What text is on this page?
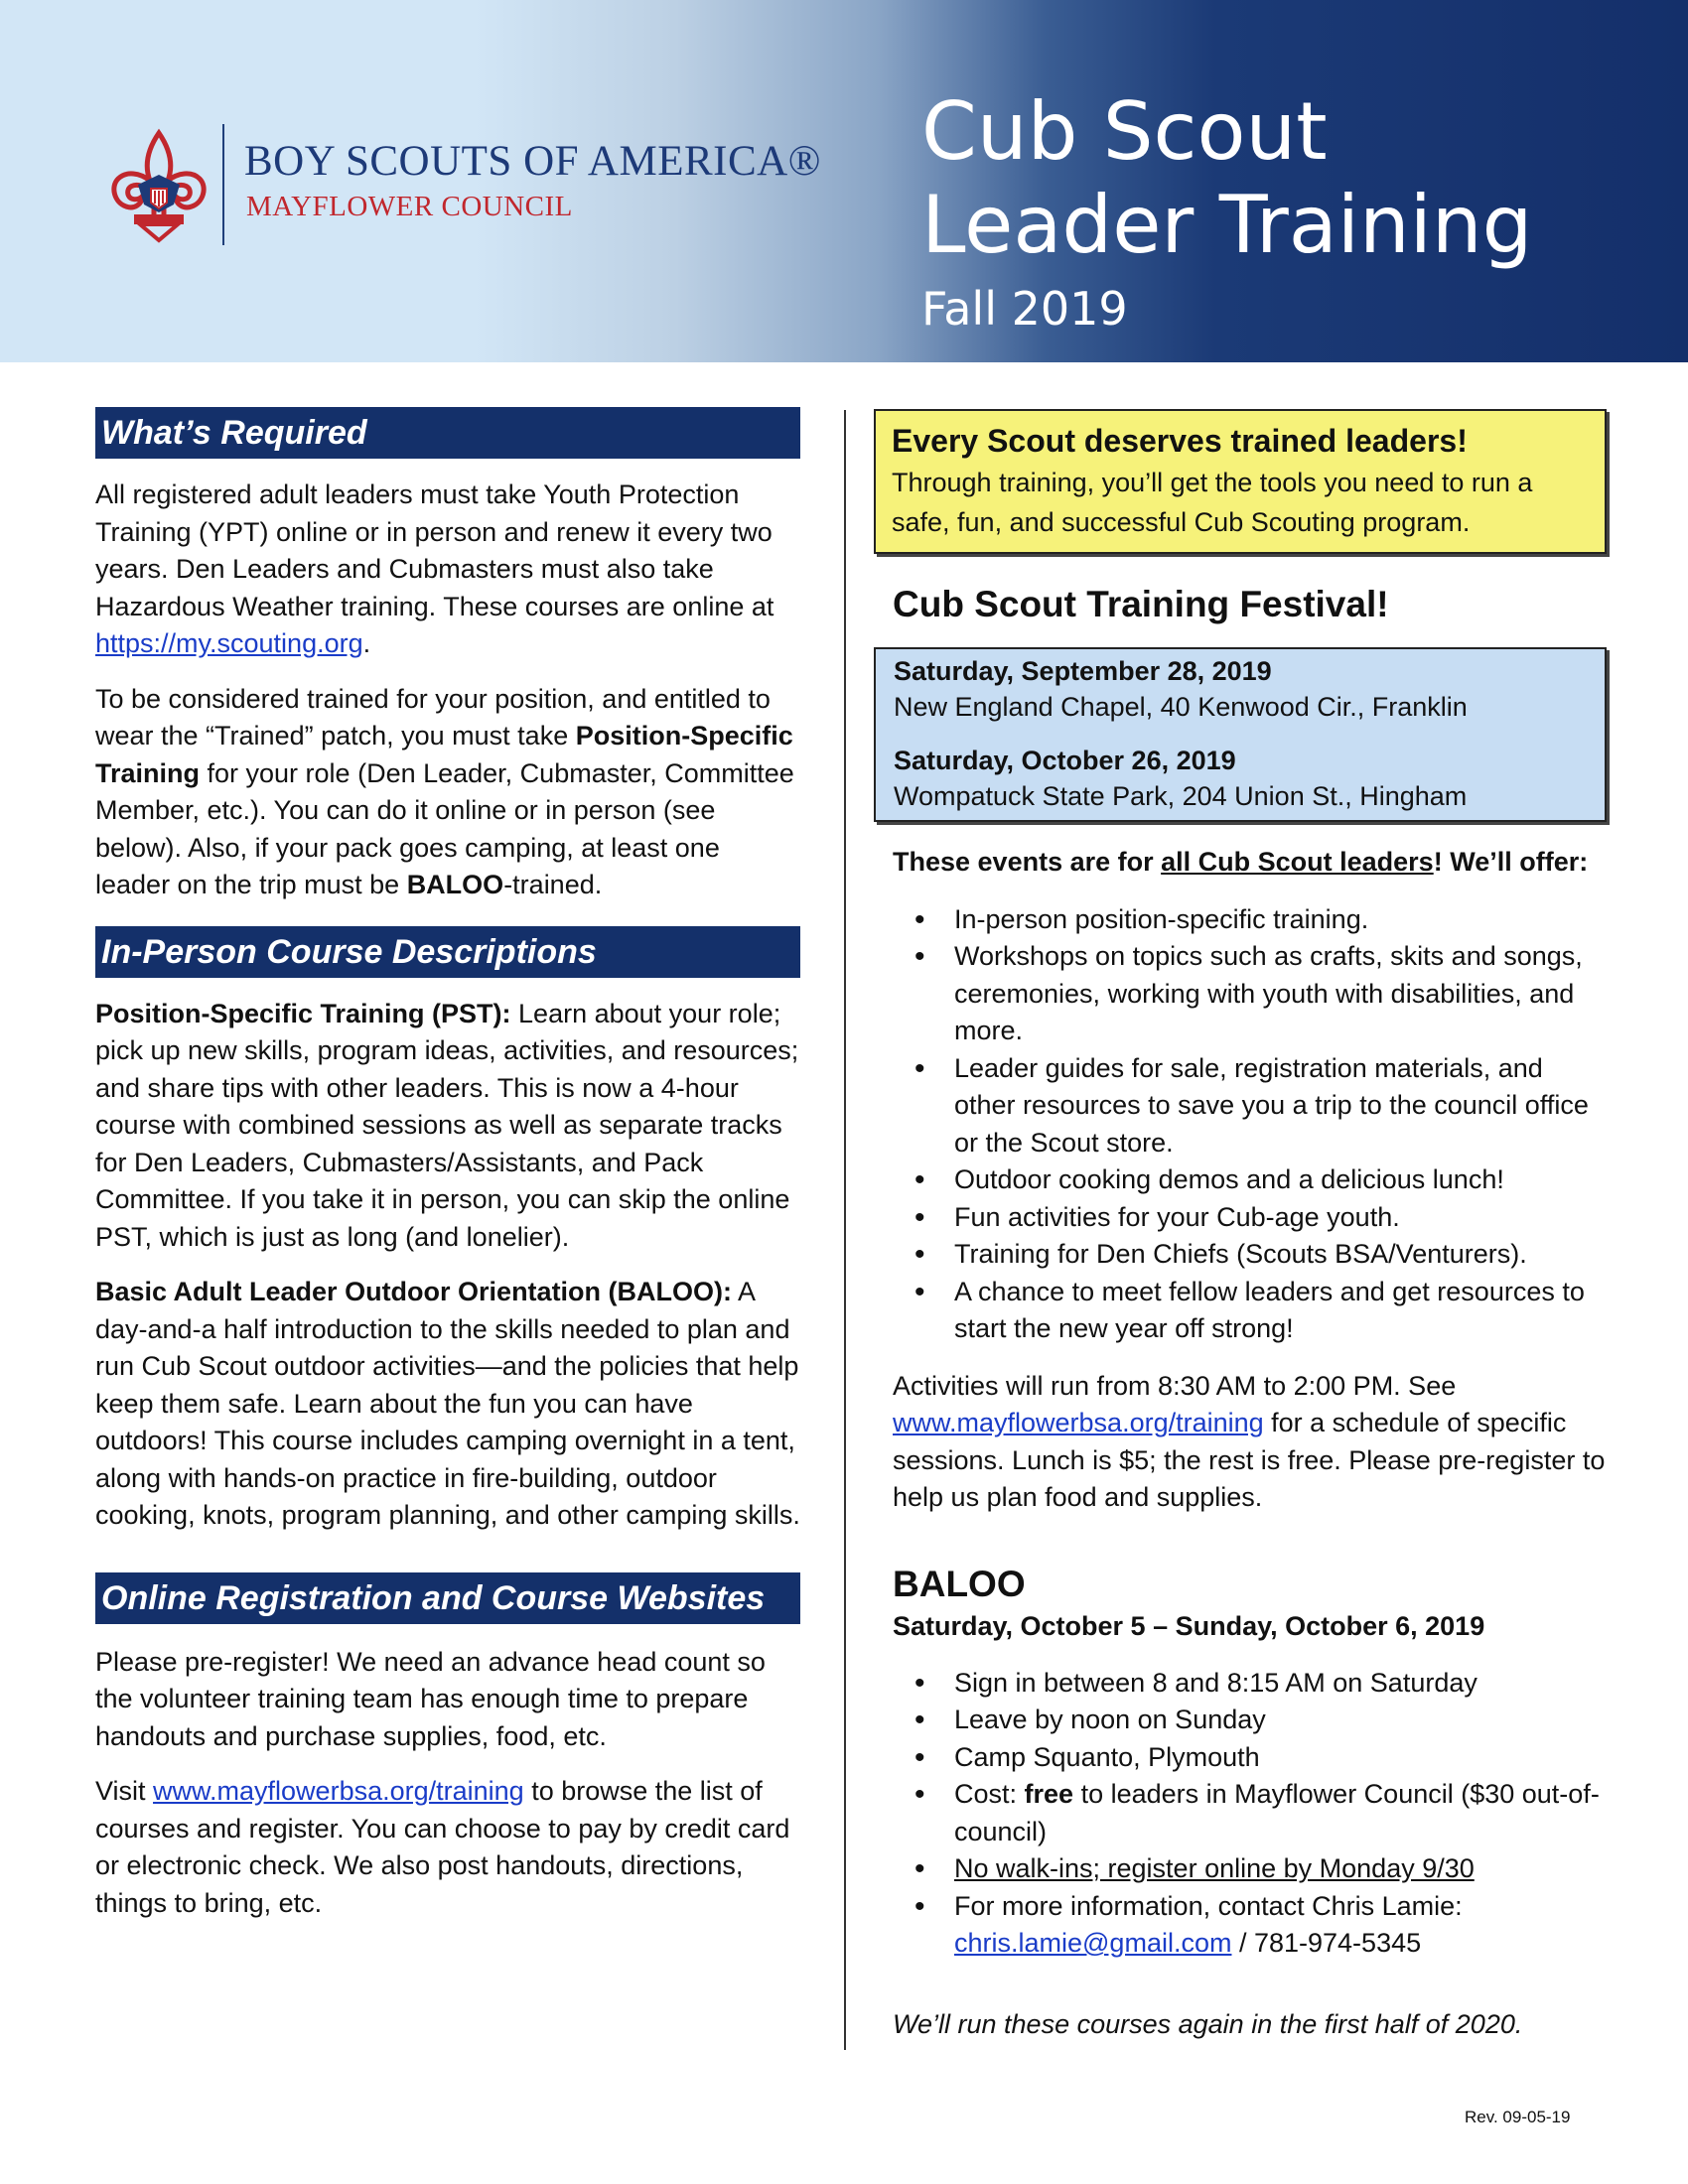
BOY SCOUTS OF AMERICA®
MAYFLOWER COUNCIL
Cub Scout
Leader Training
Fall 2019
What’s Required

All registered adult leaders must take Youth Protection Training (YPT) online or in person and renew it every two years. Den Leaders and Cubmasters must also take Hazardous Weather training. These courses are online at https://my.scouting.org.

To be considered trained for your position, and entitled to wear the “Trained” patch, you must take Position-Specific Training for your role (Den Leader, Cubmaster, Committee Member, etc.). You can do it online or in person (see below). Also, if your pack goes camping, at least one leader on the trip must be BALOO-trained.

In-Person Course Descriptions

Position-Specific Training (PST): Learn about your role; pick up new skills, program ideas, activities, and resources; and share tips with other leaders. This is now a 4-hour course with combined sessions as well as separate tracks for Den Leaders, Cubmasters/Assistants, and Pack Committee. If you take it in person, you can skip the online PST, which is just as long (and lonelier).

Basic Adult Leader Outdoor Orientation (BALOO): A day-and-a half introduction to the skills needed to plan and run Cub Scout outdoor activities—and the policies that help keep them safe. Learn about the fun you can have outdoors! This course includes camping overnight in a tent, along with hands-on practice in fire-building, outdoor cooking, knots, program planning, and other camping skills.

Online Registration and Course Websites

Please pre-register! We need an advance head count so the volunteer training team has enough time to prepare handouts and purchase supplies, food, etc.

Visit www.mayflowerbsa.org/training to browse the list of courses and register. You can choose to pay by credit card or electronic check. We also post handouts, directions, things to bring, etc.

Every Scout deserves trained leaders!
Through training, you’ll get the tools you need to run a safe, fun, and successful Cub Scouting program.
Cub Scout Training Festival!
Saturday, September 28, 2019
New England Chapel, 40 Kenwood Cir., Franklin
Saturday, October 26, 2019
Wompatuck State Park, 204 Union St., Hingham

These events are for all Cub Scout leaders! We’ll offer:

• In-person position-specific training.
• Workshops on topics such as crafts, skits and songs, ceremonies, working with youth with disabilities, and more.
• Leader guides for sale, registration materials, and other resources to save you a trip to the council office or the Scout store.
• Outdoor cooking demos and a delicious lunch!
• Fun activities for your Cub-age youth.
• Training for Den Chiefs (Scouts BSA/Venturers).
• A chance to meet fellow leaders and get resources to start the new year off strong!

Activities will run from 8:30 AM to 2:00 PM. See www.mayflowerbsa.org/training for a schedule of specific sessions. Lunch is $5; the rest is free. Please pre-register to help us plan food and supplies.

BALOO
Saturday, October 5 – Sunday, October 6, 2019
• Sign in between 8 and 8:15 AM on Saturday
• Leave by noon on Sunday
• Camp Squanto, Plymouth
• Cost: free to leaders in Mayflower Council ($30 out-of-council)
• No walk-ins; register online by Monday 9/30
• For more information, contact Chris Lamie: chris.lamie@gmail.com / 781-974-5345

We’ll run these courses again in the first half of 2020.

Rev. 09-05-19
